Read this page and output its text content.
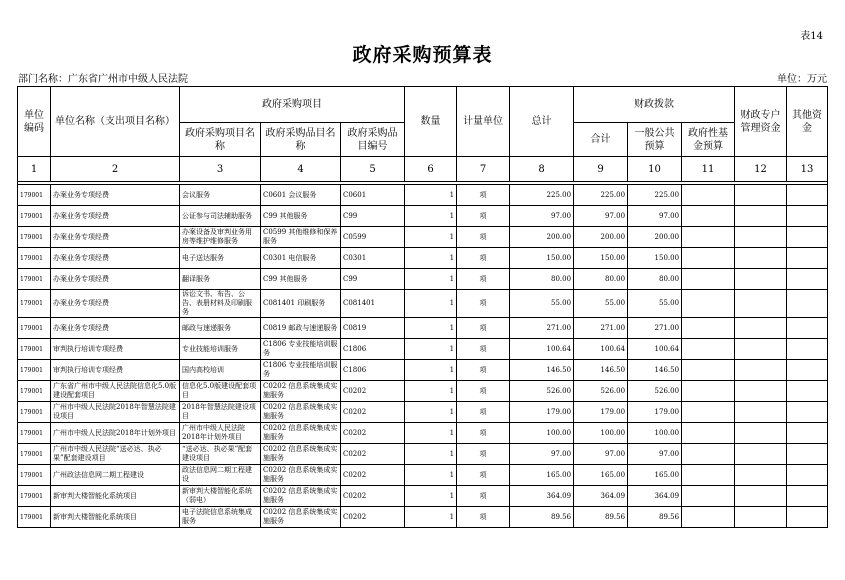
表14
政府采购预算表
部门名称：广东省广州市中级人民法院	单位：万元
单位编码	单位名称（支出项目名称）	政府采购项目			数量	计量单位	总计	财政拨款			财政专户管理资金	其他资金
		政府采购项目名称	政府采购品目名称	政府采购品目编号				合计	一般公共预算	政府性基金预算		
1	2	3	4	5	6	7	8	9	10	11	12	13

179001	办案业务专项经费	会议服务	C0601 会议服务	C0601	1	项	225.00	225.00	225.00			
179001	办案业务专项经费	公证参与司法辅助服务	C99 其他服务	C99	1	项	97.00	97.00	97.00			
179001	办案业务专项经费	办案设备及审判业务用房等维护维修服务	C0599 其他维修和保养服务	C0599	1	项	200.00	200.00	200.00			
179001	办案业务专项经费	电子送达服务	C0301 电信服务	C0301	1	项	150.00	150.00	150.00			
179001	办案业务专项经费	翻译服务	C99 其他服务	C99	1	项	80.00	80.00	80.00			
179001	办案业务专项经费	诉讼文书、布告、公告、表册材料及印刷服务	C081401 印刷服务	C081401	1	项	55.00	55.00	55.00			
179001	办案业务专项经费	邮政与速递服务	C0819 邮政与速递服务	C0819	1	项	271.00	271.00	271.00			
179001	审判执行培训专项经费	专业技能培训服务	C1806 专业技能培训服务	C1806	1	项	100.64	100.64	100.64			
179001	审判执行培训专项经费	国内高校培训	C1806 专业技能培训服务	C1806	1	项	146.50	146.50	146.50			
179001	广东省广州市中级人民法院信息化5.0版建设配套项目	信息化5.0版建设配套项目	C0202 信息系统集成实施服务	C0202	1	项	526.00	526.00	526.00			
179001	广州市中级人民法院2018年智慧法院建设项目	2018年智慧法院建设项目	C0202 信息系统集成实施服务	C0202	1	项	179.00	179.00	179.00			
179001	广州市中级人民法院2018年计划外项目	广州市中级人民法院2018年计划外项目	C0202 信息系统集成实施服务	C0202	1	项	100.00	100.00	100.00			
179001	广州市中级人民法院“送必达、执必果”配套建设项目	“送必达、执必果”配套建设项目	C0202 信息系统集成实施服务	C0202	1	项	97.00	97.00	97.00			
179001	广州政法信息网二期工程建设	政法信息网二期工程建设	C0202 信息系统集成实施服务	C0202	1	项	165.00	165.00	165.00			
179001	新审判大楼智能化系统项目	新审判大楼智能化系统（弱电）	C0202 信息系统集成实施服务	C0202	1	项	364.09	364.09	364.09			
179001	新审判大楼智能化系统项目	电子法院信息系统集成服务	C0202 信息系统集成实施服务	C0202	1	项	89.56	89.56	89.56			
